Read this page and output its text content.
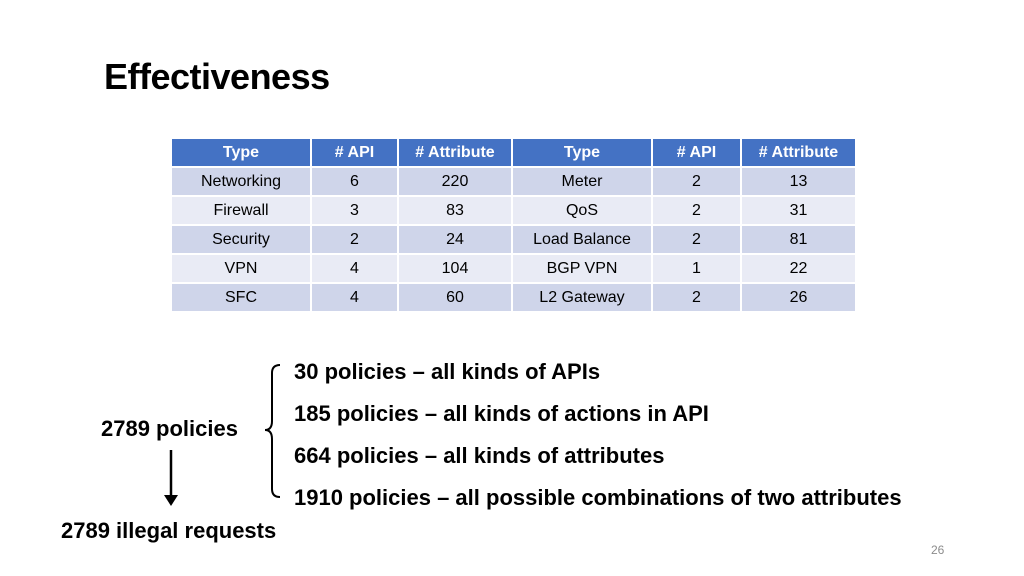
Effectiveness
Type	# API	# Attribute	Type	# API	# Attribute
Networking	6	220	Meter	2	13
Firewall	3	83	QoS	2	31
Security	2	24	Load Balance	2	81
VPN	4	104	BGP VPN	1	22
SFC	4	60	L2 Gateway	2	26
2789 policies
2789 illegal requests
30 policies – all kinds of APIs
185 policies – all kinds of actions in API
664 policies – all kinds of attributes
1910 policies – all possible combinations of two attributes
26
